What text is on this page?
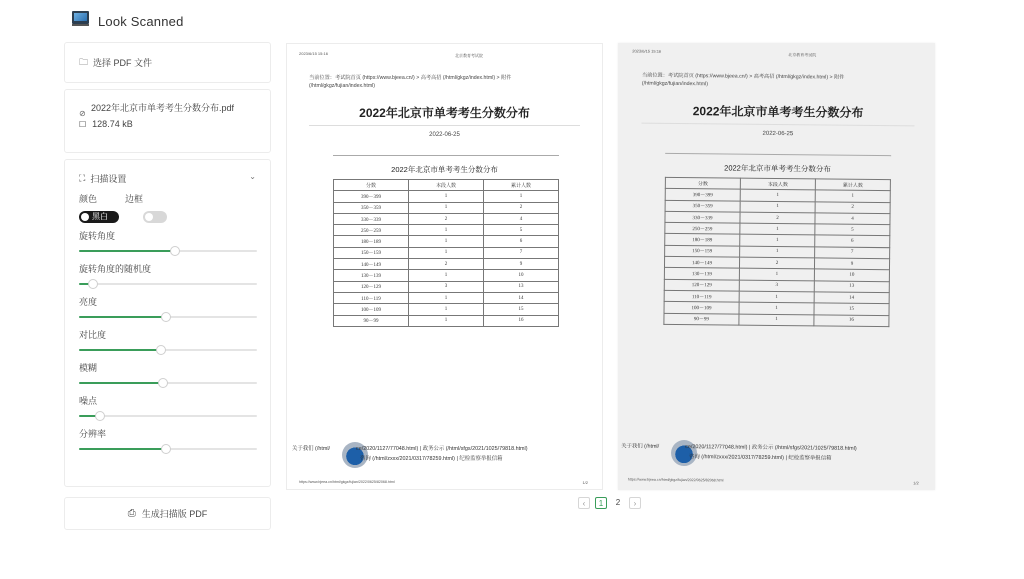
Look Scanned
🗀 选择 PDF 文件
⊘
2022年北京市单考考生分数分布.pdf
☐ 128.74 kB
⛶ 扫描设置	⌄
颜色	边框
黑白
旋转角度
旋转角度的随机度
亮度
对比度
模糊
噪点
分辨率
⎙ 生成扫描版 PDF
2023/6/15 15:16	北京教育考试院
当前位置：考试院首页 (https://www.bjeea.cn/) > 高考高招 (/html/gkgz/index.html) > 附件 (/html/gkgz/fujian/index.html)
2022年北京市单考考生分数分布
2022-06-25
2022年北京市单考考生分数分布
分数	本段人数	累计人数
390－399	1	1
350－359	1	2
330－339	2	4
250－259	1	5
180－189	1	6
150－159	1	7
140－149	2	9
130－139	1	10
120－129	3	13
110－119	1	14
100－109	1	15
90－99	1	16
关于我们 (/html/	ce/2020/1127/77048.html) | 政务公示 (/html/sfgs/2021/1025/79818.html)
咨询 (/html/zxxx/2021/0317/78259.html) | 纪检监察举报信箱
https://www.bjeea.cn/html/gkgz/fujian/2022/0625/82068.html	1/2
2023/6/15 15:16
北京教育考试院
当前位置：考试院首页 (https://www.bjeea.cn/) > 高考高招 (/html/gkgz/index.html) > 附件 (/html/gkgz/fujian/index.html)
2022年北京市单考考生分数分布
2022-06-25
2022年北京市单考考生分数分布
分数	本段人数	累计人数
390－399	1	1
350－359	1	2
330－339	2	4
250－259	1	5
180－189	1	6
150－159	1	7
140－149	2	9
130－139	1	10
120－129	3	13
110－119	1	14
100－109	1	15
90－99	1	16
关于我们 (/html/	ce/2020/1127/77048.html) | 政务公示 (/html/sfgs/2021/1025/79818.html)
咨询 (/html/zxxx/2021/0317/78259.html) | 纪检监察举报信箱
https://www.bjeea.cn/html/gkgz/fujian/2022/0625/82068.html
1/2
‹	1	2	›
